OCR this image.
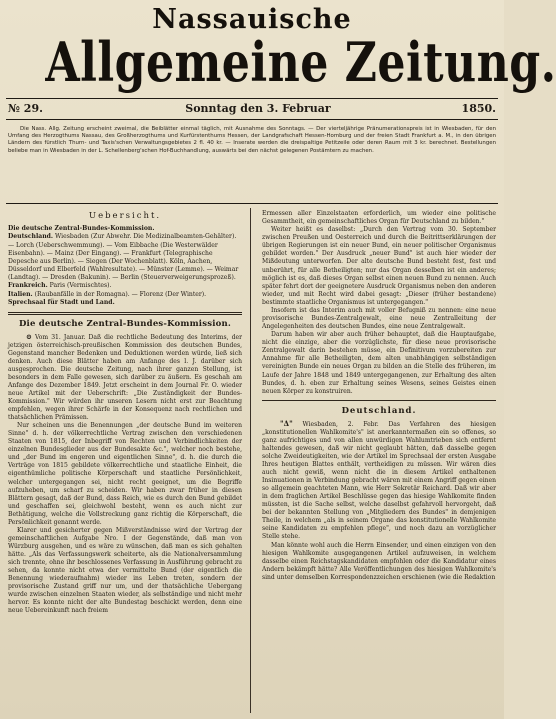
Nassauische
Allgemeine Zeitung.
№ 29.	Sonntag den 3. Februar	1850.

Die Nass. Allg. Zeitung erscheint zweimal, die Beiblätter einmal täglich, mit Ausnahme des Sonntags. — Der vierteljährige Pränumerationspreis ist in Wiesbaden, für den Umfang des Herzogthums Nassau, des Großherzogthums und Kurfürstenthums Hessen, der Landgrafschaft Hessen-Homburg und der freien Stadt Frankfurt a. M., in den übrigen Ländern des fürstlich Thurn- und Taxis'schen Verwaltungsgebietes 2 fl. 40 kr. — Inserate werden die dreispaltige Petitzeile oder deren Raum mit 3 kr. berechnet. Bestellungen beliebe man in Wiesbaden in der L. Schellenberg'schen Hof-Buchhandlung, auswärts bei den nächst gelegenen Postämtern zu machen.

Uebersicht.
Die deutsche Zentral-Bundes-Kommission.
Deutschland. Wiesbaden (Zur Abwehr. Die Medizinalbeamten-Gehälter). — Lorch (Ueberschwemmung). — Vom Eibbache (Die Westerwälder Eisenbahn). — Mainz (Der Eingang). — Frankfurt (Telegraphische Depesche aus Berlin). — Siegen (Der Wochenblatt). Köln, Aachen, Düsseldorf und Elberfeld (Wahlresultate). — Münster (Lemme). — Weimar (Landtag). — Dresden (Bakunin). — Berlin (Steuerverweigerungsprozeß).
Frankreich. Paris (Vermischtes).
Italien. (Raubanfälle in der Romagna). — Florenz (Der Winter).
Sprechsaal für Stadt und Land.
Die deutsche Zentral-Bundes-Kommission.

⊙ Vom 31. Januar. Daß die rechtliche Bedeutung des Interims, der jetzigen österreichisch-preußischen Kommission des deutschen Bundes, Gegenstand mancher Bedenken und Deduktionen werden würde, ließ sich denken. Auch diese Blätter haben am Anfange des l. J. darüber sich ausgesprochen. Die deutsche Zeitung, nach ihrer ganzen Stellung, ist besonders in dem Falle gewesen, sich darüber zu äußern. Es geschah am Anfange des Dezember 1849. Jetzt erscheint in dem Journal Fr. O. wieder neue Artikel mit der Ueberschrift: „Die Zuständigkeit der Bundes-Kommission." Wir würden ihr unseren Lesern nicht erst zur Beachtung empfehlen, wegen ihrer Schärfe in der Konsequenz nach rechtlichen und thatsächlichen Prämissen.

Nur scheinen uns die Benennungen „der deutsche Bund im weiteren Sinne" d. h. der völkerrechtliche Vertrag zwischen den verschiedenen Staaten von 1815, der Inbegriff von Rechten und Verbindlichkeiten der einzelnen Bundesglieder aus der Bundesakte &c.", welcher noch bestehe, und „der Bund im engeren und eigentlichen Sinne", d. h. die durch die Verträge von 1815 gebildete völkerrechtliche und staatliche Einheit, die eigenthümliche politische Körperschaft und staatliche Persönlichkeit, welcher untergegangen sei, nicht recht geeignet, um die Begriffe aufzuheben, um scharf zu scheiden. Wir haben zwar früher in diesen Blättern gesagt, daß der Bund, dass Reich, wie es durch den Bund gebildet und geschaffen sei, gleichwohl besteht, wenn es auch nicht zur Bethätigung, welche die Vollstreckung ganz richtig die Körperschaft, die Persönlichkeit genannt werde.

Klarer und gesicherter gegen Mißverständnisse wird der Vertrag der gemeinschaftlichen Aufgabe Nro. I der Gegenstände, daß man von Würzburg ausgehen, und es wäre zu wünschen, daß man es sich gehalten hätte. „Als das Verfassungswerk scheiterte, als die Nationalversammlung sich trennte, ohne ihr beschlossenes Verfassung in Ausführung gebracht zu sehen, da konnte nicht etwa der vermittelte Bund (der eigentlich die Benennung wiederaufnahm) wieder ins Leben treten, sondern der provisorische Zustand griff nur um, und der thatsächliche Uebergang wurde zwischen einzelnen Staaten wieder, als selbständige und nicht mehr hervor. Es konnte nicht der alte Bundestag beschickt werden, denn eine neue Uebereinkunft nach freiem

Ermessen aller Einzelstaaten erforderlich, um wieder eine politische Gesammtheit, ein gemeinschaftliches Organ für Deutschland zu bilden."

Weiter heißt es daselbst: „Durch den Vertrag vom 30. September zwischen Preußen und Oesterreich und durch die Beitrittserklärungen der übrigen Regierungen ist ein neuer Bund, ein neuer politischer Organismus gebildet worden." Der Ausdruck „neuer Bund" ist auch hier wieder der Mißdeutung unterworfen. Der alte deutsche Bund besteht fest, fest und unberührt, für alle Betheiligten; nur das Organ desselben ist ein anderes; möglich ist es, daß dieses Organ selbst einen neuen Bund zu nennen. Auch später fehrt dort der geeignetere Ausdruck Organismus neben den anderen wieder, und mit Recht wird dabei gesagt: „Dieser (früher bestandene) bestimmte staatliche Organismus ist untergegangen."

Insofern ist das Interim auch mit voller Befugniß zu nennen: eine neue provisorische Bundes-Zentralgewalt, eine neue Zentralleitung der Angelegenheiten des deutschen Bundes, eine neue Zentralgewalt.

Darum haben wir aber auch früher behauptet, daß die Hauptaufgabe, nicht die einzige, aber die vorzüglichste, für diese neue provisorische Zentralgewalt darin bestehen müsse, ein Definitivum vorzubereiten zur Annahme für alle Betheiligten, dem alten unabhängigen selbständigen vereinigten Bunde ein neues Organ zu bilden an die Stelle des früheren, im Laufe der Jahre 1848 und 1849 untergegangenen, zur Erhaltung des alten Bundes, d. h. eben zur Erhaltung seines Wesens, seines Geistes einen neuen Körper zu konstruiren.

Deutschland.

"Δ" Wiesbaden, 2. Febr. Das Verfahren des hiesigen „konstitutionellen Wahlkomite's" ist anerkanntermaßen ein so offenes, so ganz aufrichtiges und von allen unwürdigen Wahlumtrieben sich entfernt haltendes gewesen, daß wir nicht geglaubt hätten, daß dasselbe gegen solche Zweideutigkeiten, wie der Artikel im Sprechsaal der ersten Ausgabe Ihres heutigen Blattes enthält, vertheidigen zu müssen. Wir wären dies auch nicht gewiß, wenn nicht die in diesem Artikel enthaltenen Insinuationen in Verbindung gebracht wären mit einem Angriff gegen einen so allgemein geachteten Mann, wie Herr Sekretär Reichard. Daß wir aber in dem fraglichen Artikel Beschlüsse gegen das hiesige Wahlkomite finden müssten, ist die Sache selbst, welche daselbst gefahrvoll hervorgeht, daß bei der bekannten Stellung von „Mitgliedern des Bundes" in demjenigen Theile, in welchem „als in seinem Organe das konstitutionelle Wahlkomite seine Kandidaten zu empfehlen pflege", und noch dazu an vorzüglicher Stelle stehe.

Man könnte wohl auch die Herrn Einsender, und einen einzigen von den hiesigen Wahlkomite ausgegangenen Artikel aufzuweisen, in welchem dasselbe einen Reichstagskandidaten empfohlen oder die Kandidatur eines Andern bekämpft hätte? Alle Veröffentlichungen des hiesigen Wahlkomite's sind unter demselben Korrespondenzzeichen erschienen (wie die Redaktion
